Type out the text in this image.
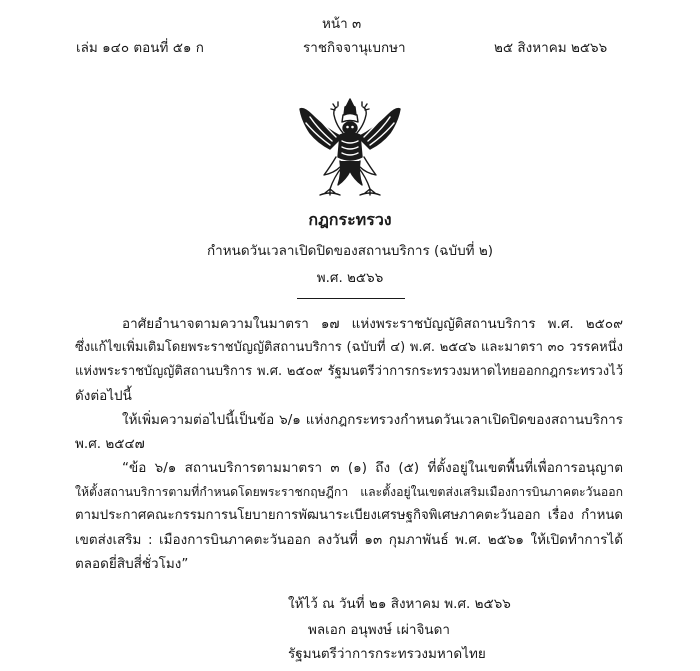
หน้า ๓
เล่ม ๑๔๐ ตอนที่ ๕๑ ก	ราชกิจจานุเบกษา	๒๕ สิงหาคม ๒๕๖๖
กฎกระทรวง
กำหนดวันเวลาเปิดปิดของสถานบริการ (ฉบับที่ ๒)
พ.ศ. ๒๕๖๖
อาศัยอำนาจตามความในมาตรา ๑๗ แห่งพระราชบัญญัติสถานบริการ พ.ศ. ๒๕๐๙
ซึ่งแก้ไขเพิ่มเติมโดยพระราชบัญญัติสถานบริการ (ฉบับที่ ๔) พ.ศ. ๒๕๔๖ และมาตรา ๓๐ วรรคหนึ่ง
แห่งพระราชบัญญัติสถานบริการ พ.ศ. ๒๕๐๙ รัฐมนตรีว่าการกระทรวงมหาดไทยออกกฎกระทรวงไว้
ดังต่อไปนี้
ให้เพิ่มความต่อไปนี้เป็นข้อ ๖/๑ แห่งกฎกระทรวงกำหนดวันเวลาเปิดปิดของสถานบริการ
พ.ศ. ๒๕๔๗
“ข้อ ๖/๑ สถานบริการตามมาตรา ๓ (๑) ถึง (๕) ที่ตั้งอยู่ในเขตพื้นที่เพื่อการอนุญาต
ให้ตั้งสถานบริการตามที่กำหนดโดยพระราชกฤษฎีกา และตั้งอยู่ในเขตส่งเสริมเมืองการบินภาคตะวันออก
ตามประกาศคณะกรรมการนโยบายการพัฒนาระเบียงเศรษฐกิจพิเศษภาคตะวันออก เรื่อง กำหนด
เขตส่งเสริม : เมืองการบินภาคตะวันออก ลงวันที่ ๑๓ กุมภาพันธ์ พ.ศ. ๒๕๖๑ ให้เปิดทำการได้
ตลอดยี่สิบสี่ชั่วโมง”
ให้ไว้ ณ วันที่ ๒๑ สิงหาคม พ.ศ. ๒๕๖๖
พลเอก อนุพงษ์ เผ่าจินดา
รัฐมนตรีว่าการกระทรวงมหาดไทย
